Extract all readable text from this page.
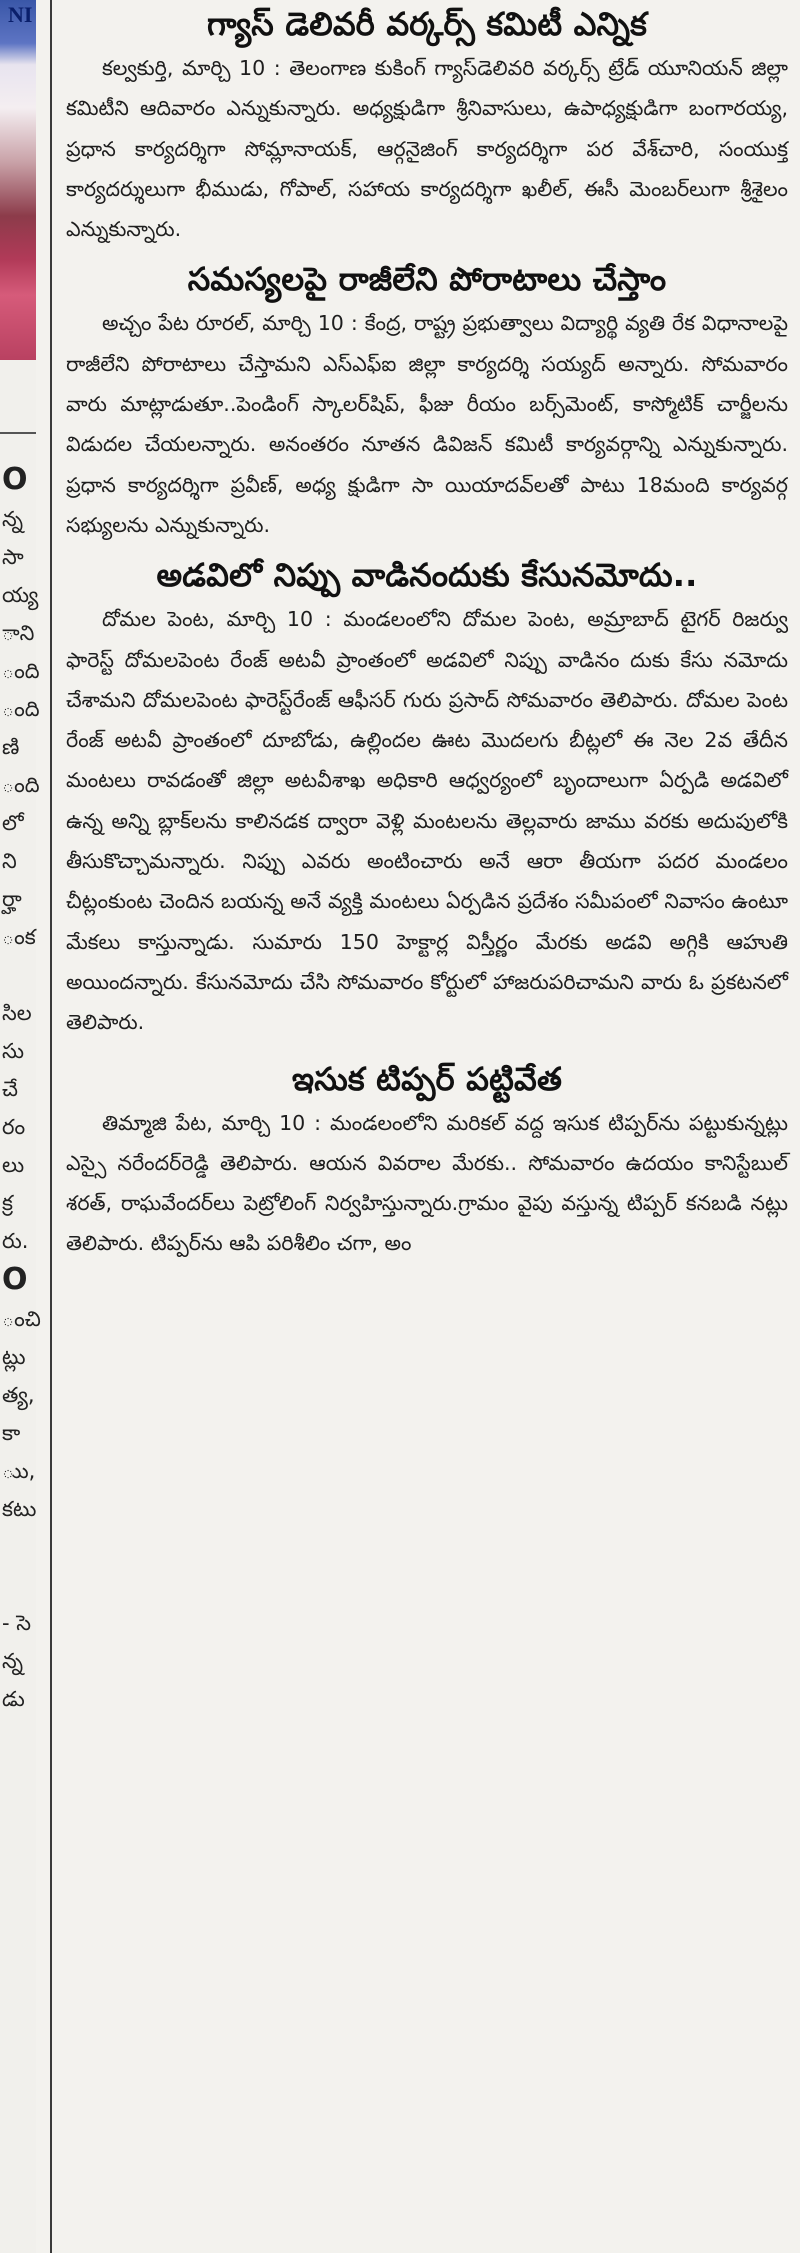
NI
O
న్న
సా
య్య
ాని
ంది
ంది
ణి
ంది
లో
ని
ర్హా
ంక

సిల
సు
చే
రం
లు
క్ర
రు.
O
ంచి
ట్లు
త్య,
కా
ుు,
కటు

- సె
న్న
డు
గ్యాస్‌ డెలివరీ వర్కర్స్‌ కమిటీ ఎన్నిక

కల్వకుర్తి, మార్చి 10 : తెలంగాణ కుకింగ్‌ గ్యాస్‌డెలివరి వర్కర్స్‌ ట్రేడ్‌ యూనియన్‌ జిల్లా కమిటీని ఆదివారం ఎన్నుకున్నారు. అధ్యక్షుడిగా శ్రీనివాసులు, ఉపాధ్యక్షుడిగా బంగారయ్య, ప్రధాన కార్యదర్శిగా సోమ్లానాయక్‌, ఆర్గనైజింగ్‌ కార్యదర్శిగా పర వేశ్‌చారి, సంయుక్త కార్యదర్శులుగా భీముడు, గోపాల్‌, సహాయ కార్యదర్శిగా ఖలీల్‌, ఈసీ మెంబర్‌లుగా శ్రీశైలం ఎన్నుకున్నారు.

సమస్యలపై రాజీలేని పోరాటాలు చేస్తాం

అచ్చం పేట రూరల్‌, మార్చి 10 : కేంద్ర, రాష్ట్ర ప్రభుత్వాలు విద్యార్థి వ్యతి రేక విధానాలపై రాజీలేని పోరాటాలు చేస్తామని ఎస్‌ఎఫ్‌ఐ జిల్లా కార్యదర్శి సయ్యద్‌ అన్నారు. సోమవారం వారు మాట్లాడుతూ..పెండింగ్‌ స్కాలర్‌షిప్‌, ఫీజు రీయం బర్స్‌మెంట్‌, కాస్మోటిక్‌ చార్జీలను విడుదల చేయలన్నారు. అనంతరం నూతన డివిజన్‌ కమిటీ కార్యవర్గాన్ని ఎన్నుకున్నారు. ప్రధాన కార్యదర్శిగా ప్రవీణ్‌, అధ్య క్షుడిగా సా యియాదవ్‌లతో పాటు 18మంది కార్యవర్గ సభ్యులను ఎన్నుకున్నారు.

అడవిలో నిప్పు వాడినందుకు కేసునమోదు..

దోమల పెంట, మార్చి 10 : మండలంలోని దోమల పెంట, అమ్రాబాద్‌ టైగర్‌ రిజర్వు ఫారెస్ట్‌ దోమలపెంట రేంజ్‌ అటవీ ప్రాంతంలో అడవిలో నిప్పు వాడినం దుకు కేసు నమోదు చేశామని దోమలపెంట ఫారెస్ట్‌రేంజ్‌ ఆఫీసర్‌ గురు ప్రసాద్‌ సోమవారం తెలిపారు. దోమల పెంట రేంజ్‌ అటవీ ప్రాంతంలో దూబోడు, ఉల్లిందల ఊట మొదలగు బీట్లలో ఈ నెల 2వ తేదీన మంటలు రావడంతో జిల్లా అటవీశాఖ అధికారి ఆధ్వర్యంలో బృందాలుగా ఏర్పడి అడవిలో ఉన్న అన్ని బ్లాక్‌లను కాలినడక ద్వారా వెళ్లి మంటలను తెల్లవారు జాము వరకు అదుపులోకి తీసుకొచ్చామన్నారు. నిప్పు ఎవరు అంటించారు అనే ఆరా తీయగా పదర మండలం చీట్లంకుంట చెందిన బయన్న అనే వ్యక్తి మంటలు ఏర్పడిన ప్రదేశం సమీపంలో నివాసం ఉంటూ మేకలు కాస్తున్నాడు. సుమారు 150 హెక్టార్ల విస్తీర్ణం మేరకు అడవి అగ్గికి ఆహుతి అయిందన్నారు. కేసునమోదు చేసి సోమవారం కోర్టులో హాజరుపరిచామని వారు ఓ ప్రకటనలో తెలిపారు.

ఇసుక టిప్పర్‌ పట్టివేత

తిమ్మాజి పేట, మార్చి 10 : మండలంలోని మరికల్‌ వద్ద ఇసుక టిప్పర్‌ను పట్టుకున్నట్లు ఎస్సై నరేందర్‌రెడ్డి తెలిపారు. ఆయన వివరాల మేరకు.. సోమవారం ఉదయం కానిస్టేబుల్‌ శరత్‌, రాఘవేందర్‌లు పెట్రోలింగ్‌ నిర్వహిస్తున్నారు.గ్రామం వైపు వస్తున్న టిప్పర్‌ కనబడి నట్లు తెలిపారు. టిప్పర్‌ను ఆపి పరిశీలిం చగా, అం
